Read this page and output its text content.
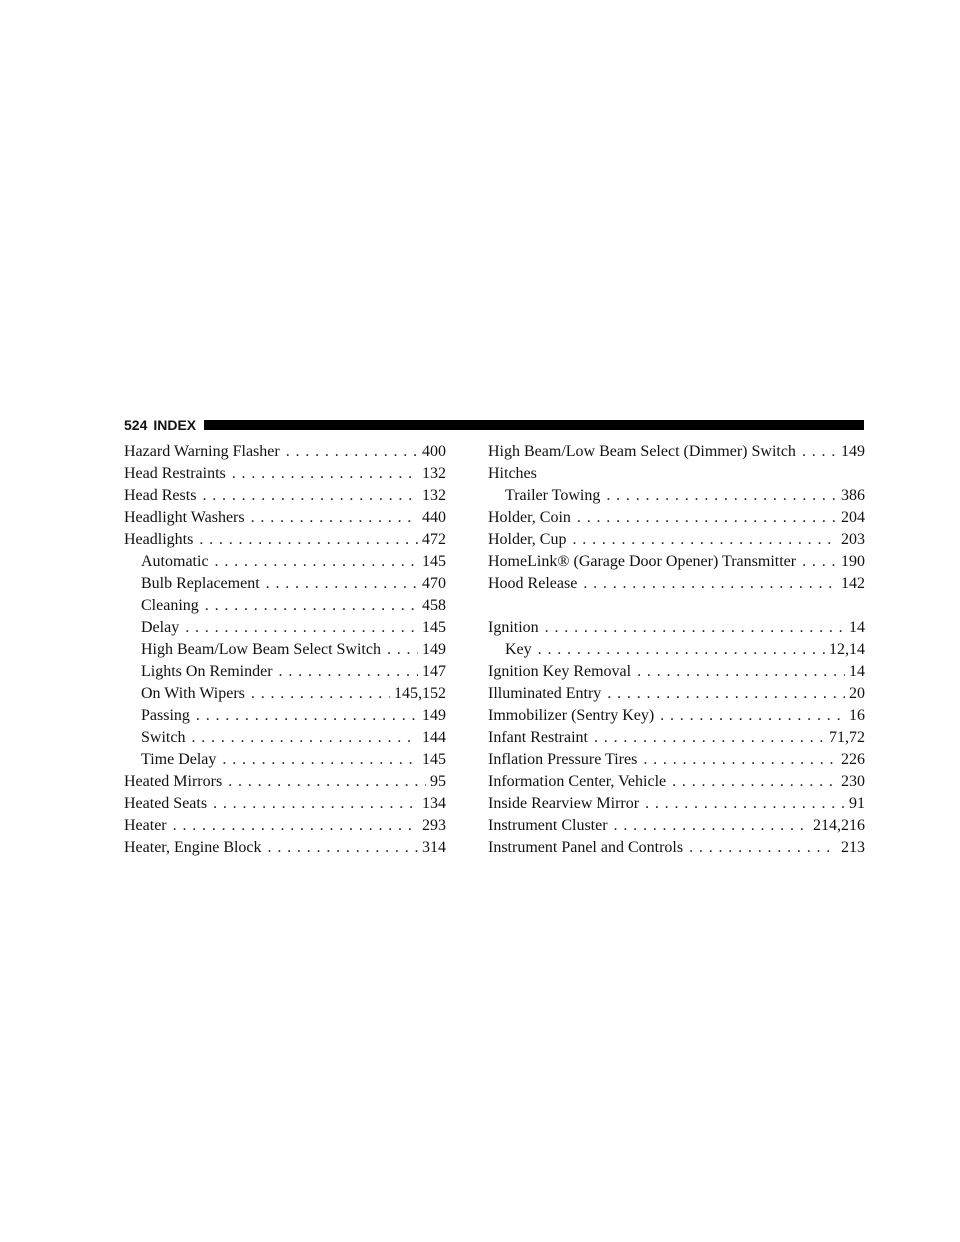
524 INDEX
Hazard Warning Flasher . . .	400
Head Restraints . . .	132
Head Rests . . .	132
Headlight Washers . . .	440
Headlights . . .	472
Automatic . . .	145
Bulb Replacement . . .	470
Cleaning . . .	458
Delay . . .	145
High Beam/Low Beam Select Switch . . .	149
Lights On Reminder . . .	147
On With Wipers . . .	145,152
Passing . . .	149
Switch . . .	144
Time Delay . . .	145
Heated Mirrors . . .	95
Heated Seats . . .	134
Heater . . .	293
Heater, Engine Block . . .	314
High Beam/Low Beam Select (Dimmer) Switch . . .	149
Hitches
Trailer Towing . . .	386
Holder, Coin . . .	204
Holder, Cup . . .	203
HomeLink ® (Garage Door Opener) Transmitter . . .	190
Hood Release . . .	142
Ignition . . .	14
Key . . .	12,14
Ignition Key Removal . . .	14
Illuminated Entry . . .	20
Immobilizer (Sentry Key) . . .	16
Infant Restraint . . .	71,72
Inflation Pressure Tires . . .	226
Information Center, Vehicle . . .	230
Inside Rearview Mirror . . .	91
Instrument Cluster . . .	214,216
Instrument Panel and Controls . . .	213
